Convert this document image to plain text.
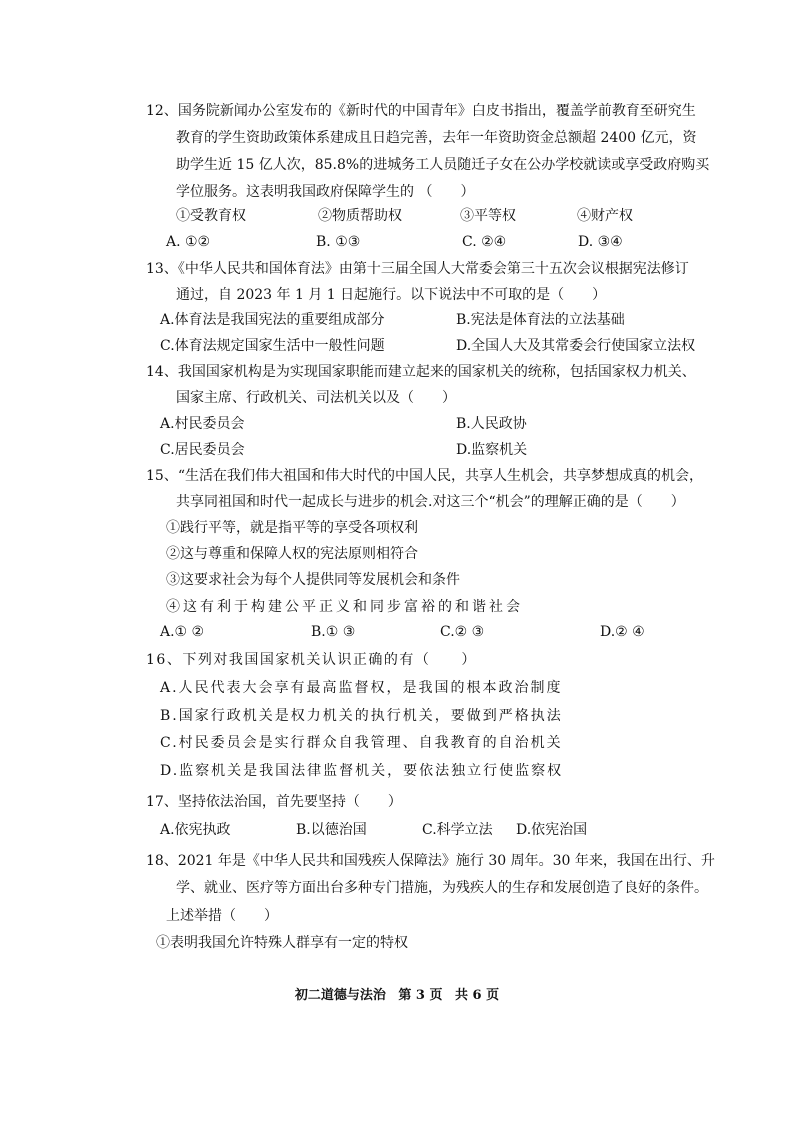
12、国务院新闻办公室发布的《新时代的中国青年》白皮书指出，覆盖学前教育至研究生
教育的学生资助政策体系建成且日趋完善，去年一年资助资金总额超 2400 亿元，资
助学生近 15 亿人次，85.8%的进城务工人员随迁子女在公办学校就读或享受政府购买
学位服务。这表明我国政府保障学生的 （　　）
①受教育权	②物质帮助权	③平等权	④财产权
A. ①②	B. ①③	C. ②④	D. ③④
13、《中华人民共和国体育法》由第十三届全国人大常委会第三十五次会议根据宪法修订
通过，自 2023 年 1 月 1 日起施行。以下说法中不可取的是（　　）
A.体育法是我国宪法的重要组成部分	B.宪法是体育法的立法基础
C.体育法规定国家生活中一般性问题	D.全国人大及其常委会行使国家立法权
14、我国国家机构是为实现国家职能而建立起来的国家机关的统称，包括国家权力机关、
国家主席、行政机关、司法机关以及（　　）
A.村民委员会	B.人民政协
C.居民委员会	D.监察机关
15、“生活在我们伟大祖国和伟大时代的中国人民，共享人生机会，共享梦想成真的机会，
共享同祖国和时代一起成长与进步的机会.对这三个“机会”的理解正确的是（　　）
①践行平等，就是指平等的享受各项权利
②这与尊重和保障人权的宪法原则相符合
③这要求社会为每个人提供同等发展机会和条件
④这有利于构建公平正义和同步富裕的和谐社会
A.① ②	B.① ③	C.② ③	D.② ④
16、下列对我国国家机关认识正确的有（　　）
A.人民代表大会享有最高监督权，是我国的根本政治制度
B.国家行政机关是权力机关的执行机关，要做到严格执法
C.村民委员会是实行群众自我管理、自我教育的自治机关
D.监察机关是我国法律监督机关，要依法独立行使监察权
17、坚持依法治国，首先要坚持（　　）
A.依宪执政	B.以德治国	C.科学立法 D.依宪治国
18、2021 年是《中华人民共和国残疾人保障法》施行 30 周年。30 年来，我国在出行、升
学、就业、医疗等方面出台多种专门措施，为残疾人的生存和发展创造了良好的条件。
上述举措（　　）
①表明我国允许特殊人群享有一定的特权
初二道德与法治 第 3 页 共 6 页
